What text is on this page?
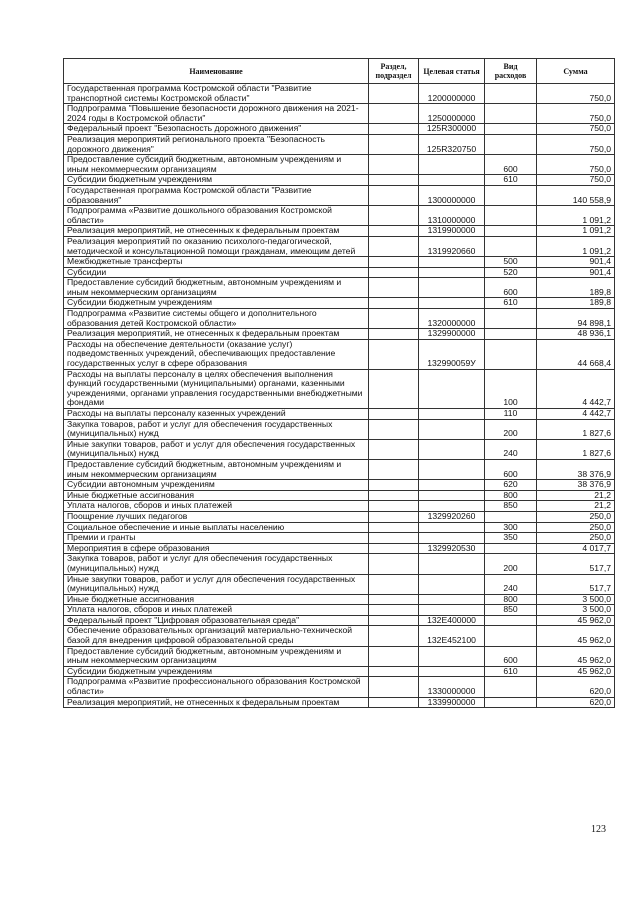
Наименование	Раздел, подраздел	Целевая статья	Вид расходов	Сумма
Государственная программа Костромской области "Развитие транспортной системы Костромской области"		1200000000		750,0
Подпрограмма "Повышение безопасности дорожного движения на 2021-2024 годы в Костромской области"		1250000000		750,0
Федеральный проект "Безопасность дорожного движения"		125R300000		750,0
Реализация мероприятий регионального проекта "Безопасность дорожного движения"		125R320750		750,0
Предоставление субсидий бюджетным, автономным учреждениям и иным некоммерческим организациям			600	750,0
Субсидии бюджетным учреждениям			610	750,0
Государственная программа Костромской области "Развитие образования"		1300000000		140 558,9
Подпрограмма «Развитие дошкольного образования Костромской области»		1310000000		1 091,2
Реализация мероприятий, не отнесенных к федеральным проектам		1319900000		1 091,2
Реализация мероприятий по оказанию психолого-педагогической, методической и консультационной помощи гражданам, имеющим детей		1319920660		1 091,2
Межбюджетные трансферты			500	901,4
Субсидии			520	901,4
Предоставление субсидий бюджетным, автономным учреждениям и иным некоммерческим организациям			600	189,8
Субсидии бюджетным учреждениям			610	189,8
Подпрограмма «Развитие системы общего и дополнительного образования детей Костромской области»		1320000000		94 898,1
Реализация мероприятий, не отнесенных к федеральным проектам		1329900000		48 936,1
Расходы на обеспечение деятельности (оказание услуг) подведомственных учреждений, обеспечивающих предоставление государственных услуг в сфере образования		132990059У		44 668,4
Расходы на выплаты персоналу в целях обеспечения выполнения функций государственными (муниципальными) органами, казенными учреждениями, органами управления государственными внебюджетными фондами			100	4 442,7
Расходы на выплаты персоналу казенных учреждений			110	4 442,7
Закупка товаров, работ и услуг для обеспечения государственных (муниципальных) нужд			200	1 827,6
Иные закупки товаров, работ и услуг для обеспечения государственных (муниципальных) нужд			240	1 827,6
Предоставление субсидий бюджетным, автономным учреждениям и иным некоммерческим организациям			600	38 376,9
Субсидии автономным учреждениям			620	38 376,9
Иные бюджетные ассигнования			800	21,2
Уплата налогов, сборов и иных платежей			850	21,2
Поощрение лучших педагогов		1329920260		250,0
Социальное обеспечение и иные выплаты населению			300	250,0
Премии и гранты			350	250,0
Мероприятия в сфере образования		1329920530		4 017,7
Закупка товаров, работ и услуг для обеспечения государственных (муниципальных) нужд			200	517,7
Иные закупки товаров, работ и услуг для обеспечения государственных (муниципальных) нужд			240	517,7
Иные бюджетные ассигнования			800	3 500,0
Уплата налогов, сборов и иных платежей			850	3 500,0
Федеральный проект "Цифровая образовательная среда"		132E400000		45 962,0
Обеспечение образовательных организаций материально-технической базой для внедрения цифровой образовательной среды		132E452100		45 962,0
Предоставление субсидий бюджетным, автономным учреждениям и иным некоммерческим организациям			600	45 962,0
Субсидии бюджетным учреждениям			610	45 962,0
Подпрограмма «Развитие профессионального образования Костромской области»		1330000000		620,0
Реализация мероприятий, не отнесенных к федеральным проектам		1339900000		620,0
123
